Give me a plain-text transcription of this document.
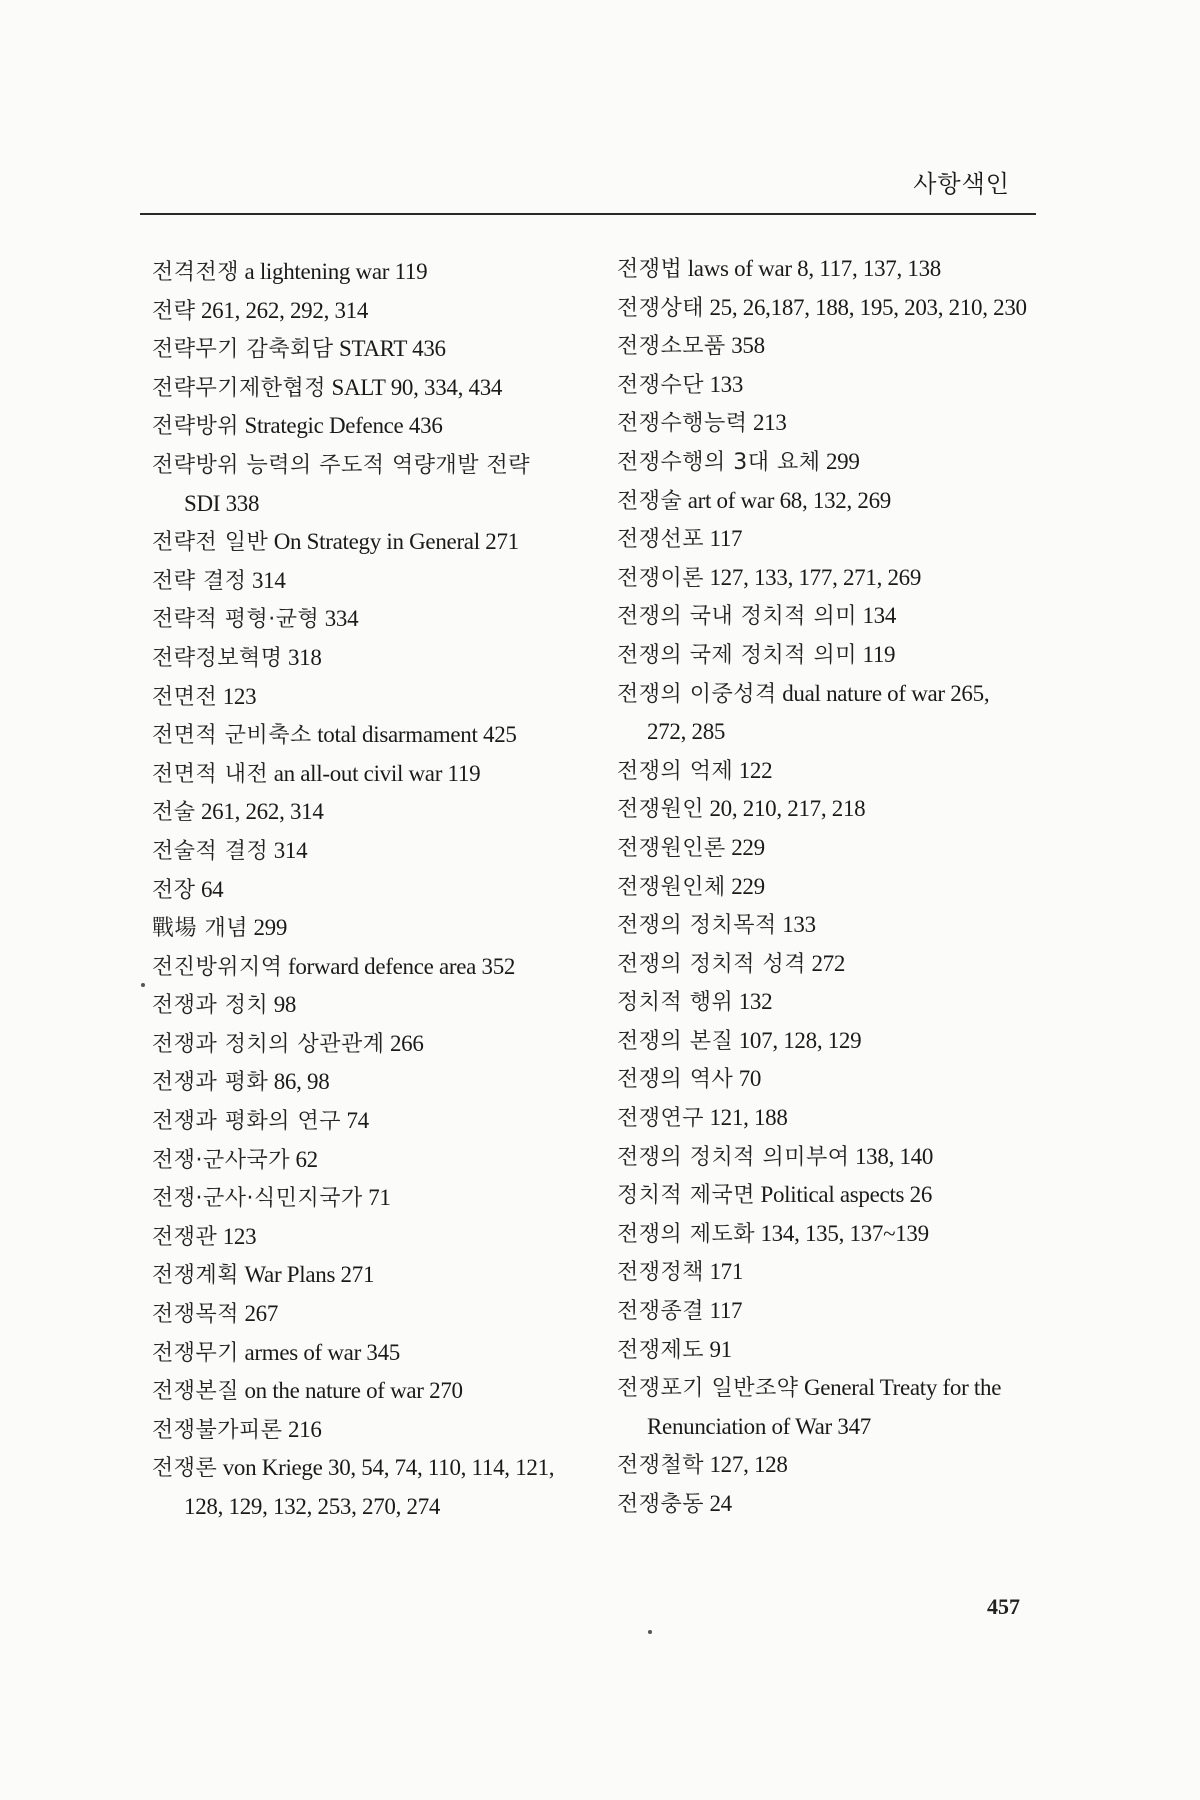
사항색인
전격전쟁 a lightening war 119
전략 261, 262, 292, 314
전략무기 감축회담 START 436
전략무기제한협정 SALT 90, 334, 434
전략방위 Strategic Defence 436
전략방위 능력의 주도적 역량개발 전략
SDI 338
전략전 일반 On Strategy in General 271
전략 결정 314
전략적 평형·균형 334
전략정보혁명 318
전면전 123
전면적 군비축소 total disarmament 425
전면적 내전 an all-out civil war 119
전술 261, 262, 314
전술적 결정 314
전장 64
戰場 개념 299
전진방위지역 forward defence area 352
전쟁과 정치 98
전쟁과 정치의 상관관계 266
전쟁과 평화 86, 98
전쟁과 평화의 연구 74
전쟁·군사국가 62
전쟁·군사·식민지국가 71
전쟁관 123
전쟁계획 War Plans 271
전쟁목적 267
전쟁무기 armes of war 345
전쟁본질 on the nature of war 270
전쟁불가피론 216
전쟁론 von Kriege 30, 54, 74, 110, 114, 121,
128, 129, 132, 253, 270, 274
전쟁법 laws of war 8, 117, 137, 138
전쟁상태 25, 26,187, 188, 195, 203, 210, 230
전쟁소모품 358
전쟁수단 133
전쟁수행능력 213
전쟁수행의 3대 요체 299
전쟁술 art of war 68, 132, 269
전쟁선포 117
전쟁이론 127, 133, 177, 271, 269
전쟁의 국내 정치적 의미 134
전쟁의 국제 정치적 의미 119
전쟁의 이중성격 dual nature of war 265,
272, 285
전쟁의 억제 122
전쟁원인 20, 210, 217, 218
전쟁원인론 229
전쟁원인체 229
전쟁의 정치목적 133
전쟁의 정치적 성격 272
정치적 행위 132
전쟁의 본질 107, 128, 129
전쟁의 역사 70
전쟁연구 121, 188
전쟁의 정치적 의미부여 138, 140
정치적 제국면 Political aspects 26
전쟁의 제도화 134, 135, 137~139
전쟁정책 171
전쟁종결 117
전쟁제도 91
전쟁포기 일반조약 General Treaty for the
Renunciation of War 347
전쟁철학 127, 128
전쟁충동 24
457
